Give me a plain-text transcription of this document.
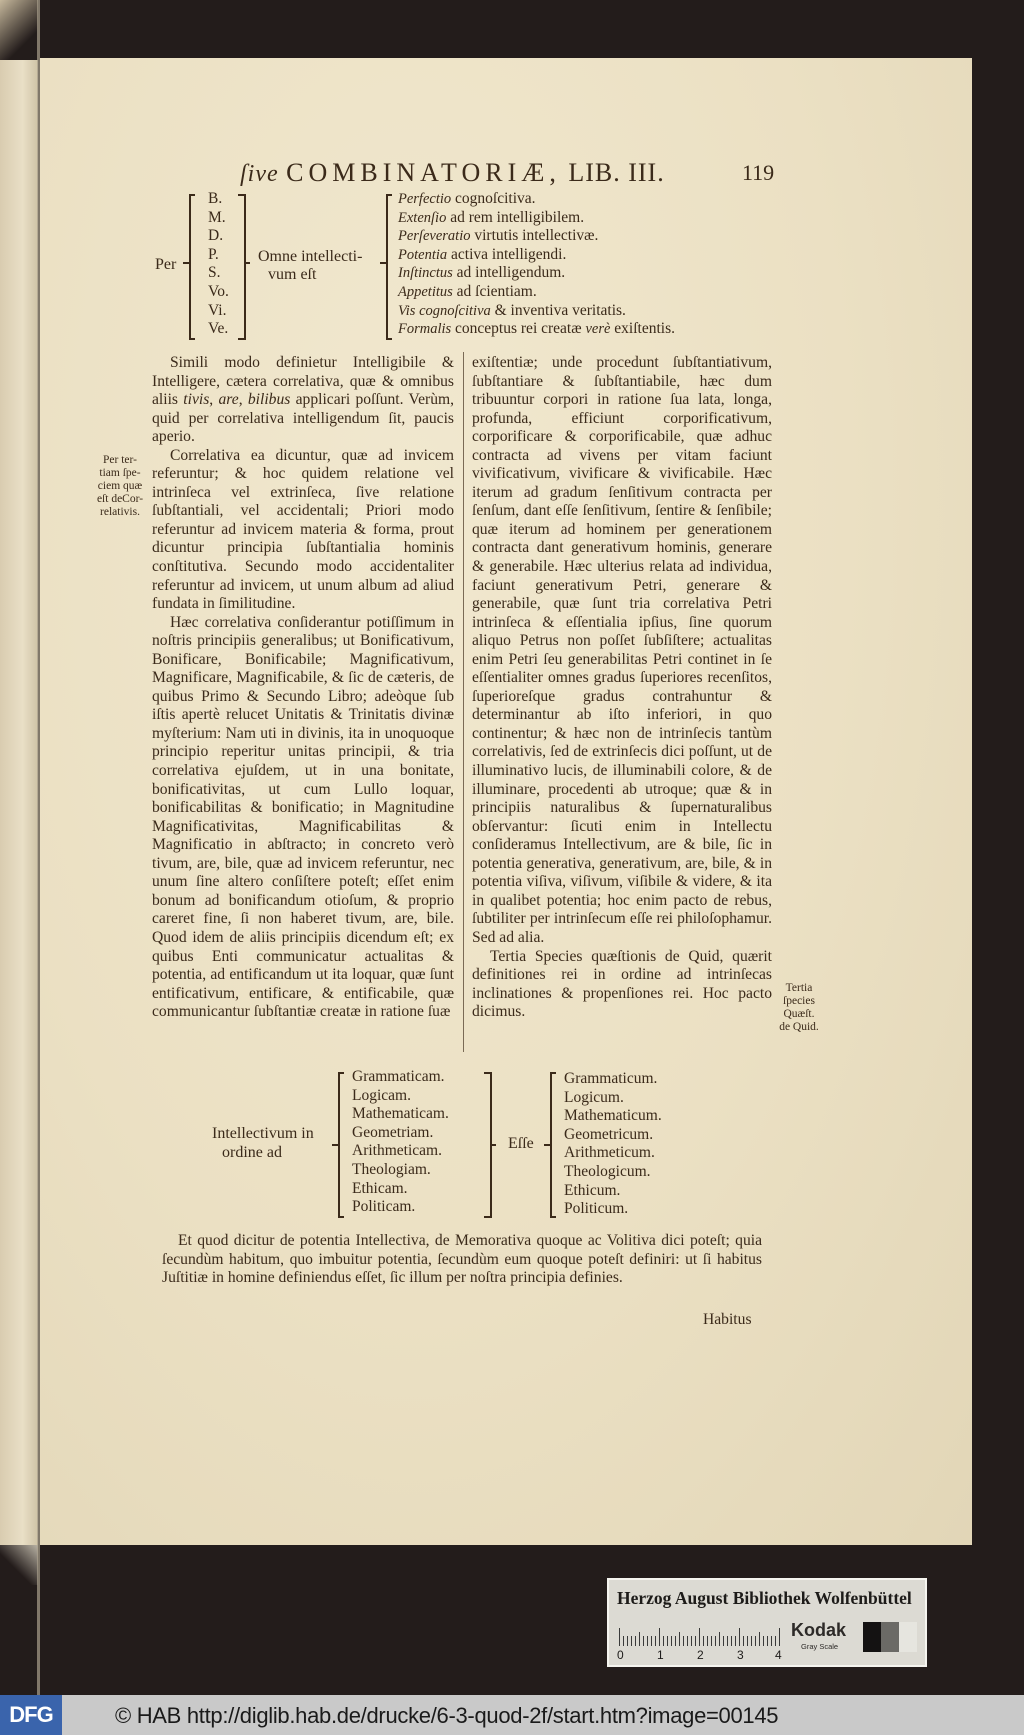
ſive COMBINATORIÆ, LIB. III.	119
Per
B.
M.
D.
P.
S.
Vo.
Vi.
Ve.
Omne intellecti-
vum eſt
Perfectio cognoſcitiva.
Extenſio ad rem intelligibilem.
Perſeveratio virtutis intellectivæ.
Potentia activa intelligendi.
Inſtinctus ad intelligendum.
Appetitus ad ſcientiam.
Vis cognoſcitiva & inventiva veritatis.
Formalis conceptus rei creatæ verè exiſtentis.
Per ter-
tiam ſpe-
ciem quæ
eſt deCor-
relativis.
Tertia
ſpecies
Quæſt.
de Quid.

Simili modo definietur Intelligibile & Intelligere, cætera correlativa, quæ & omnibus aliis tivis, are, bilibus applicari poſſunt. Verùm, quid per correlativa intelligendum ſit, paucis aperio.

Correlativa ea dicuntur, quæ ad invicem referuntur; & hoc quidem relatione vel intrinſeca vel extrinſeca, ſive relatione ſubſtantiali, vel accidentali; Priori modo referuntur ad invicem materia & forma, prout dicuntur principia ſubſtantialia hominis conſtitutiva. Secundo modo accidentaliter referuntur ad invicem, ut unum album ad aliud fundata in ſimilitudine.

Hæc correlativa conſiderantur potiſſimum in noſtris principiis generalibus; ut Bonificativum, Bonificare, Bonificabile; Magnificativum, Magnificare, Magnificabile, & ſic de cæteris, de quibus Primo & Secundo Libro; adeòque ſub iſtis apertè relucet Unitatis & Trinitatis divinæ myſterium: Nam uti in divinis, ita in unoquoque principio reperitur unitas principii, & tria correlativa ejuſdem, ut in una bonitate, bonificativitas, ut cum Lullo loquar, bonificabilitas & bonificatio; in Magnitudine Magnificativitas, Magnificabilitas & Magnificatio in abſtracto; in concreto verò tivum, are, bile, quæ ad invicem referuntur, nec unum ſine altero conſiſtere poteſt; eſſet enim bonum ad bonificandum otioſum, & proprio careret fine, ſi non haberet tivum, are, bile. Quod idem de aliis principiis dicendum eſt; ex quibus Enti communicatur actualitas & potentia, ad entificandum ut ita loquar, quæ ſunt entificativum, entificare, & entificabile, quæ communicantur ſubſtantiæ creatæ in ratione ſuæ

exiſtentiæ; unde procedunt ſubſtantiativum, ſubſtantiare & ſubſtantiabile, hæc dum tribuuntur corpori in ratione ſua lata, longa, profunda, efficiunt corporificativum, corporificare & corporificabile, quæ adhuc contracta ad vivens per vitam faciunt vivificativum, vivificare & vivificabile. Hæc iterum ad gradum ſenſitivum contracta per ſenſum, dant eſſe ſenſitivum, ſentire & ſenſibile; quæ iterum ad hominem per generationem contracta dant generativum hominis, generare & generabile. Hæc ulterius relata ad individua, faciunt generativum Petri, generare & generabile, quæ ſunt tria correlativa Petri intrinſeca & eſſentialia ipſius, ſine quorum aliquo Petrus non poſſet ſubſiſtere; actualitas enim Petri ſeu generabilitas Petri continet in ſe eſſentialiter omnes gradus ſuperiores recenſitos, ſuperioreſque gradus contrahuntur & determinantur ab iſto inferiori, in quo continentur; & hæc non de intrinſecis tantùm correlativis, ſed de extrinſecis dici poſſunt, ut de illuminativo lucis, de illuminabili colore, & de illuminare, procedenti ab utroque; quæ & in principiis naturalibus & ſupernaturalibus obſervantur: ſicuti enim in Intellectu conſideramus Intellectivum, are & bile, ſic in potentia generativa, generativum, are, bile, & in potentia viſiva, viſivum, viſibile & videre, & ita in qualibet potentia; hoc enim pacto de rebus, ſubtiliter per intrinſecum eſſe rei philoſophamur. Sed ad alia.

Tertia Species quæſtionis de Quid, quærit definitiones rei in ordine ad intrinſecas inclinationes & propenſiones rei. Hoc pacto dicimus.

Intellectivum in
ordine ad
Grammaticam.
Logicam.
Mathematicam.
Geometriam.
Arithmeticam.
Theologiam.
Ethicam.
Politicam.
Eſſe
Grammaticum.
Logicum.
Mathematicum.
Geometricum.
Arithmeticum.
Theologicum.
Ethicum.
Politicum.

Et quod dicitur de potentia Intellectiva, de Memorativa quoque ac Volitiva dici poteſt; quia ſecundùm habitum, quo imbuitur potentia, ſecundùm eum quoque poteſt definiri: ut ſi habitus Juſtitiæ in homine definiendus eſſet, ſic illum per noſtra principia definies.

Habitus
Herzog August Bibliothek Wolfenbüttel
0	1	2	3	4
Kodak
Gray Scale
DFG	© HAB http://diglib.hab.de/drucke/6-3-quod-2f/start.htm?image=00145
